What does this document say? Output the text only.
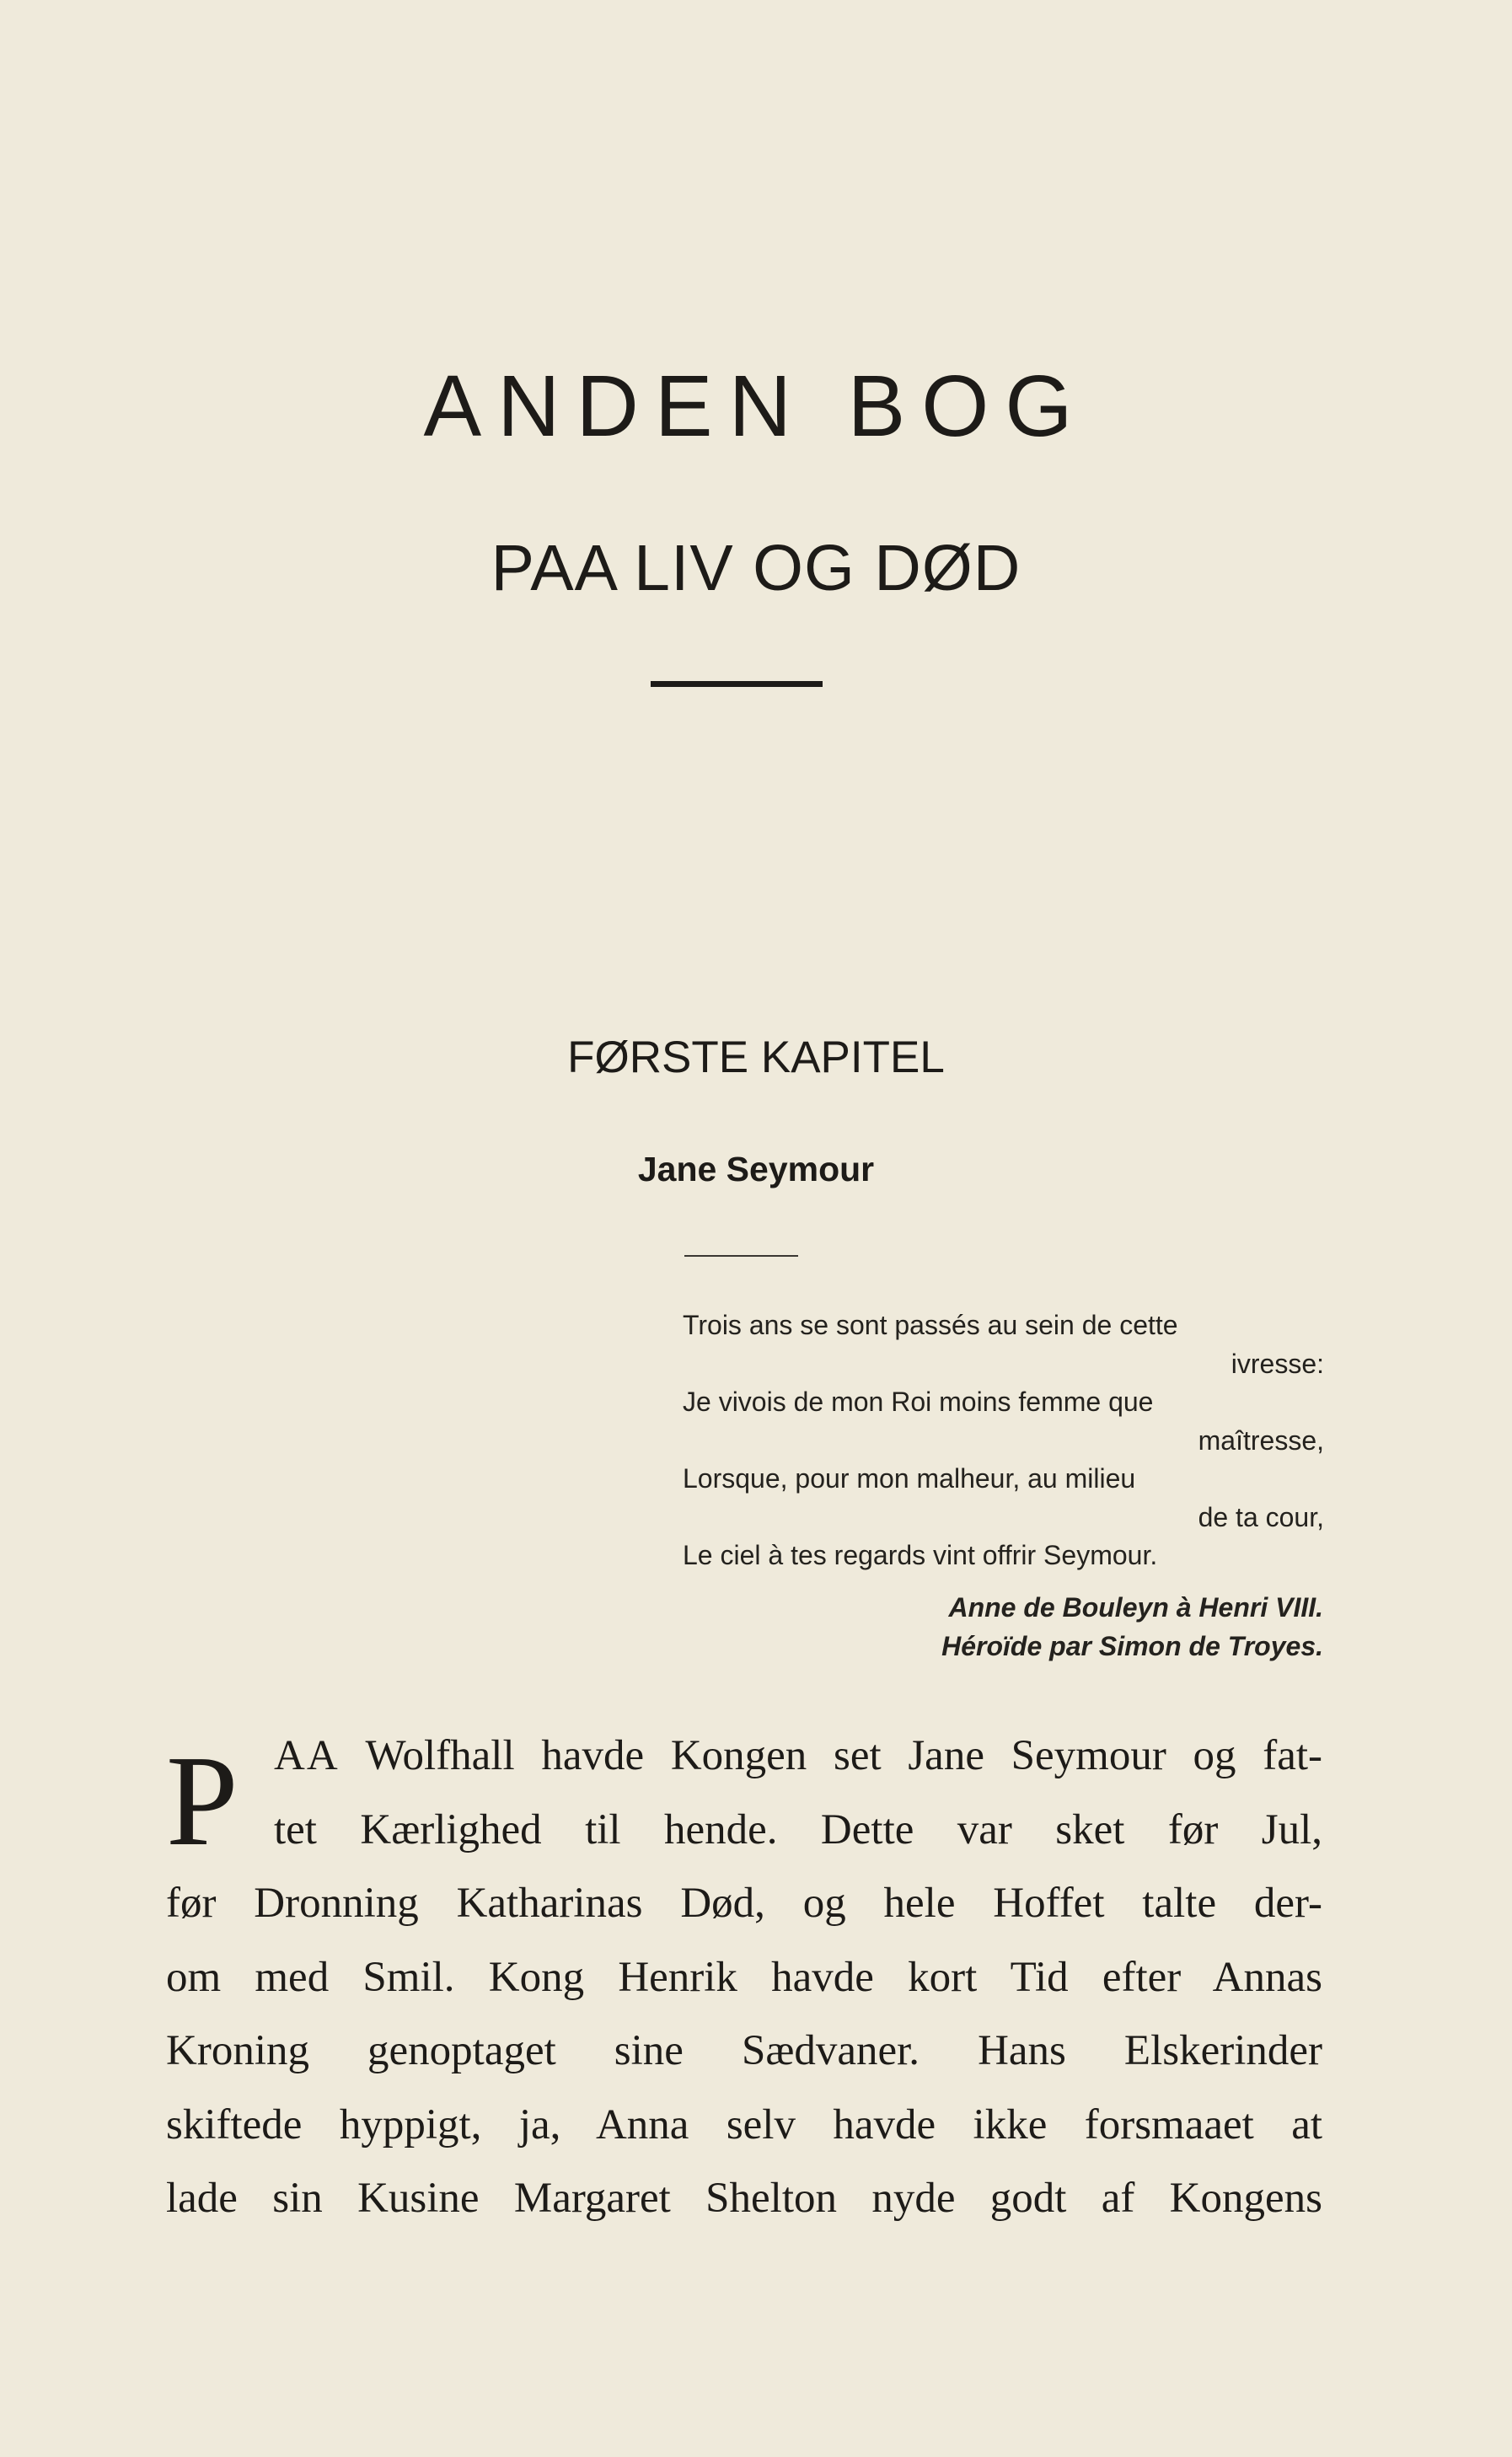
ANDEN BOG
PAA LIV OG DØD
FØRSTE KAPITEL
Jane Seymour
Trois ans se sont passés au sein de cette
ivresse:
Je vivois de mon Roi moins femme que
maîtresse,
Lorsque, pour mon malheur, au milieu
de ta cour,
Le ciel à tes regards vint offrir Seymour.
Anne de Bouleyn à Henri VIII.
Héroïde par Simon de Troyes.
P AA Wolfhall havde Kongen set Jane Seymour og fat-
tet Kærlighed til hende. Dette var sket før Jul,
før Dronning Katharinas Død, og hele Hoffet talte der-
om med Smil. Kong Henrik havde kort Tid efter Annas
Kroning genoptaget sine Sædvaner. Hans Elskerinder
skiftede hyppigt, ja, Anna selv havde ikke forsmaaet at
lade sin Kusine Margaret Shelton nyde godt af Kongens
